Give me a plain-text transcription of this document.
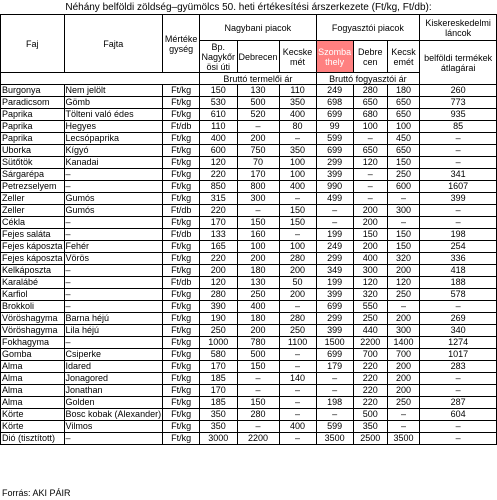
Néhány belföldi zöldség–gyümölcs 50. heti értékesítési árszerkezete (Ft/kg, Ft/db):
Faj	Fajta	Mértéke gység	Nagybani piacok			Fogyasztói piacok			Kiskereskedelmi láncok
			Bp. Nagykőr ösi úti	Debrecen	Kecske mét	Szomba thely	Debre cen	Kecsk emét	belföldi termékek átlagárai
			Bruttó termelői ár			Bruttó fogyasztói ár			
Burgonya	Nem jelölt	Ft/kg	150	130	110	249	280	180	260
Paradicsom	Gömb	Ft/kg	530	500	350	698	650	650	773
Paprika	Tölteni való édes	Ft/kg	610	520	400	699	680	650	935
Paprika	Hegyes	Ft/db	110	–	80	99	100	100	85
Paprika	Lecsópaprika	Ft/kg	400	200	–	599	–	450	–
Uborka	Kígyó	Ft/kg	600	750	350	699	650	650	–
Sütőtök	Kanadai	Ft/kg	120	70	100	299	120	150	–
Sárgarépa	–	Ft/kg	220	170	100	399	–	250	341
Petrezselyem	–	Ft/kg	850	800	400	990	–	600	1607
Zeller	Gumós	Ft/kg	315	300	–	499	–	–	399
Zeller	Gumós	Ft/db	220	–	150	–	200	300	–
Cékla	–	Ft/kg	170	150	150	–	200	–	–
Fejes saláta	–	Ft/db	133	160	–	199	150	150	198
Fejes káposzta	Fehér	Ft/kg	165	100	100	249	200	150	254
Fejes káposzta	Vörös	Ft/kg	220	200	280	299	400	320	336
Kelkáposzta	–	Ft/kg	200	180	200	349	300	200	418
Karalábé	–	Ft/db	120	130	50	199	120	120	188
Karfiol	–	Ft/kg	280	250	200	399	320	250	578
Brokkoli	–	Ft/kg	390	400	–	699	550	–	–
Vöröshagyma	Barna héjú	Ft/kg	190	180	280	299	250	200	269
Vöröshagyma	Lila héjú	Ft/kg	250	200	250	399	440	300	340
Fokhagyma	–	Ft/kg	1000	780	1100	1500	2200	1400	1274
Gomba	Csiperke	Ft/kg	580	500	–	699	700	700	1017
Alma	Idared	Ft/kg	170	150	–	179	220	200	283
Alma	Jonagored	Ft/kg	185	–	140	–	220	200	–
Alma	Jonathan	Ft/kg	170	–	–	–	220	200	–
Alma	Golden	Ft/kg	185	150	–	198	220	250	287
Körte	Bosc kobak (Alexander)	Ft/kg	350	280	–	–	500	–	604
Körte	Vilmos	Ft/kg	350	–	400	599	350	–	–
Dió (tisztított)	–	Ft/kg	3000	2200	–	3500	2500	3500	–
Forrás: AKI PÁIR
